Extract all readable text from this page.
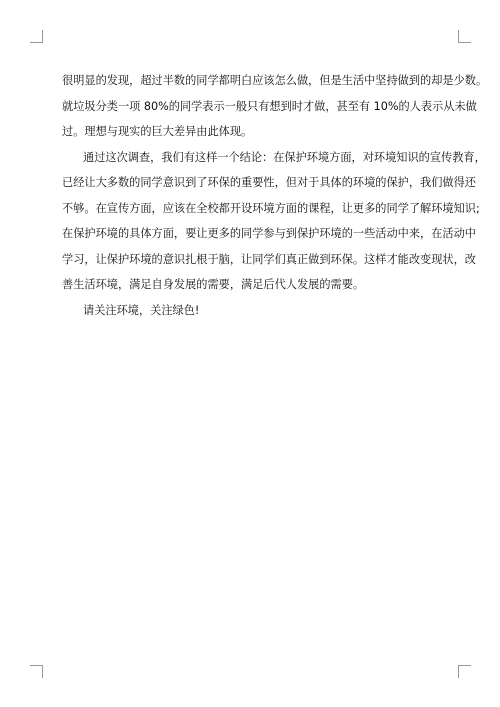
很明显的发现，超过半数的同学都明白应该怎么做，但是生活中坚持做到的却是少数。
就垃圾分类一项 80%的同学表示一般只有想到时才做，甚至有 10%的人表示从未做
过。理想与现实的巨大差异由此体现。
通过这次调查，我们有这样一个结论：在保护环境方面，对环境知识的宣传教育，
已经让大多数的同学意识到了环保的重要性，但对于具体的环境的保护，我们做得还
不够。在宣传方面，应该在全校都开设环境方面的课程，让更多的同学了解环境知识;
在保护环境的具体方面，要让更多的同学参与到保护环境的一些活动中来，在活动中
学习，让保护环境的意识扎根于脑，让同学们真正做到环保。这样才能改变现状，改
善生活环境，满足自身发展的需要，满足后代人发展的需要。
请关注环境，关注绿色!
